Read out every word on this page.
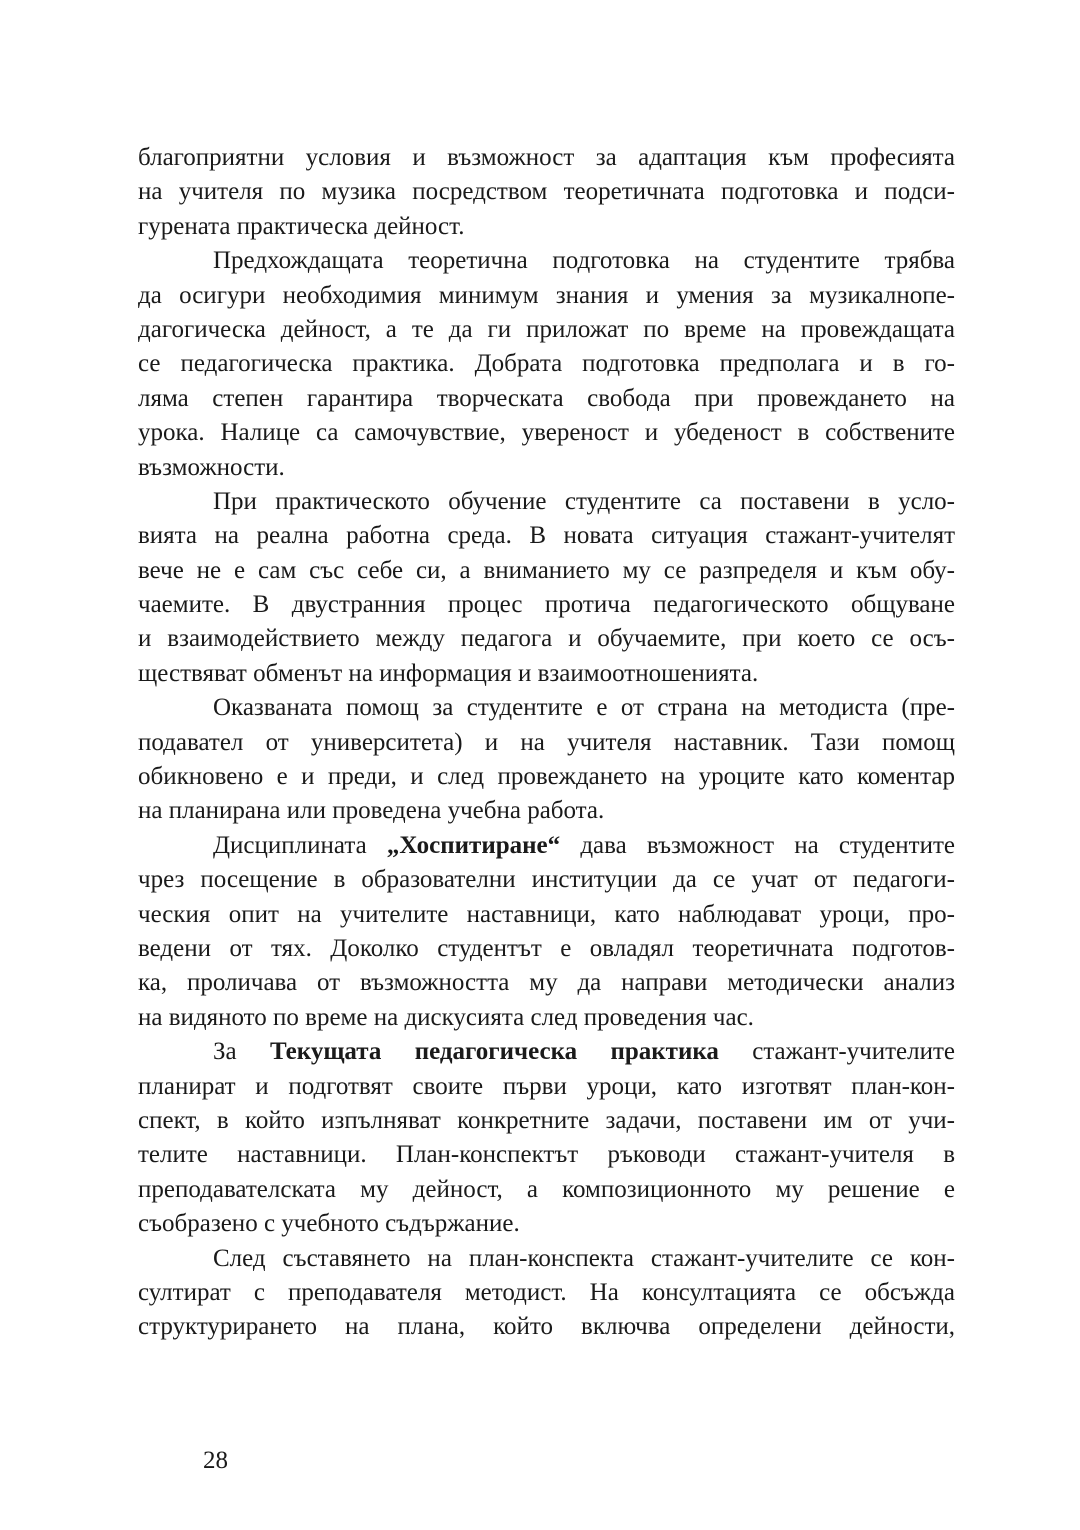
благоприятни условия и възможност за адаптация към професията
на учителя по музика посредством теоретичната подготовка и подси-
гурената практическа дейност.
Предхождащата теоретична подготовка на студентите трябва
да осигури необходимия минимум знания и умения за музикалнопе-
дагогическа дейност, а те да ги приложат по време на провеждащата
се педагогическа практика. Добрата подготовка предполага и в го-
ляма степен гарантира творческата свобода при провеждането на
урока. Налице са самочувствие, увереност и убеденост в собствените
възможности.
При практическото обучение студентите са поставени в усло-
вията на реална работна среда. В новата ситуация стажант-учителят
вече не е сам със себе си, а вниманието му се разпределя и към обу-
чаемите. В двустранния процес протича педагогическото общуване
и взаимодействието между педагога и обучаемите, при което се осъ-
ществяват обменът на информация и взаимоотношенията.
Оказваната помощ за студентите е от страна на методиста (пре-
подавател от университета) и на учителя наставник. Тази помощ
обикновено е и преди, и след провеждането на уроците като коментар
на планирана или проведена учебна работа.
Дисциплината „Хоспитиране“ дава възможност на студентите
чрез посещение в образователни институции да се учат от педагоги-
ческия опит на учителите наставници, като наблюдават уроци, про-
ведени от тях. Доколко студентът е овладял теоретичната подготов-
ка, проличава от възможността му да направи методически анализ
на видяното по време на дискусията след проведения час.
За Текущата педагогическа практика стажант-учителите
планират и подготвят своите първи уроци, като изготвят план-кон-
спект, в който изпълняват конкретните задачи, поставени им от учи-
телите наставници. План-конспектът ръководи стажант-учителя в
преподавателската му дейност, а композиционното му решение е
съобразено с учебното съдържание.
След съставянето на план-конспекта стажант-учителите се кон-
султират с преподавателя методист. На консултацията се обсъжда
структурирането на плана, който включва определени дейности,
28
